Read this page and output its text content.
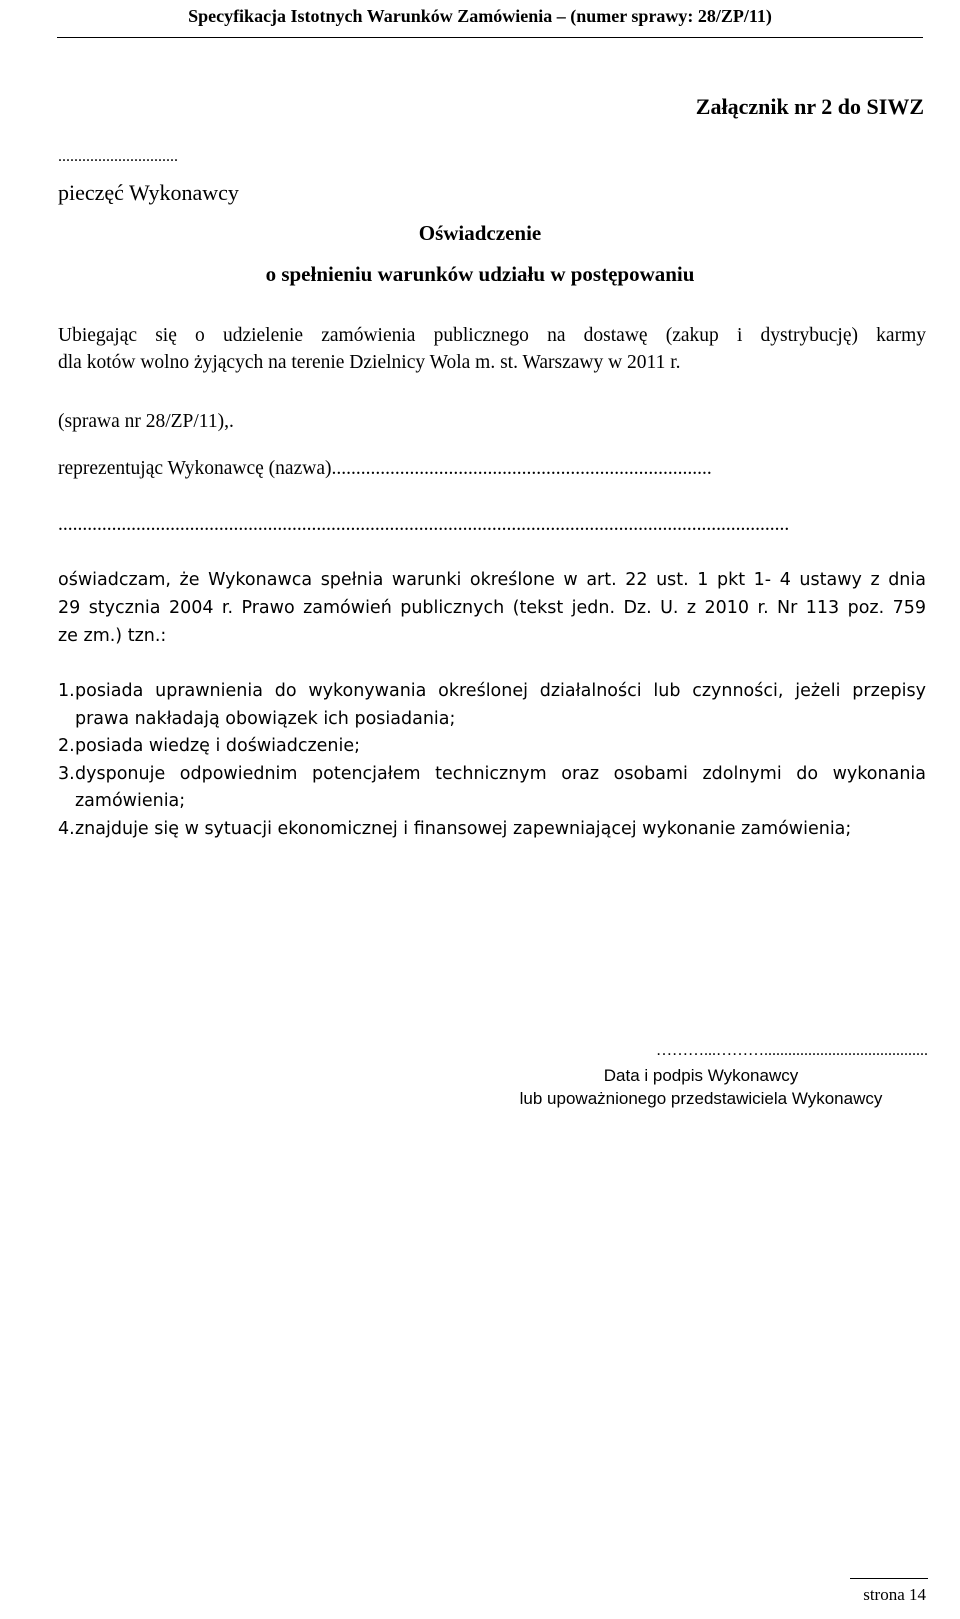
Specyfikacja Istotnych Warunków Zamówienia – (numer sprawy: 28/ZP/11)
Załącznik nr 2 do SIWZ
..............................
pieczęć Wykonawcy
Oświadczenie
o spełnieniu warunków udziału w postępowaniu
Ubiegając się o udzielenie zamówienia publicznego na dostawę (zakup i dystrybucję) karmy
dla kotów wolno żyjących na terenie Dzielnicy Wola m. st. Warszawy w 2011 r.
(sprawa nr 28/ZP/11),.
reprezentując Wykonawcę (nazwa)..............................................................................
......................................................................................................................................................
oświadczam, że Wykonawca spełnia warunki określone w art. 22 ust. 1 pkt 1- 4 ustawy z dnia
29 stycznia 2004 r. Prawo zamówień publicznych (tekst jedn. Dz. U. z 2010 r. Nr 113 poz. 759
ze zm.) tzn.:
1. posiada uprawnienia do wykonywania określonej działalności lub czynności, jeżeli przepisy prawa nakładają obowiązek ich posiadania;
2. posiada wiedzę i doświadczenie;
3. dysponuje odpowiednim potencjałem technicznym oraz osobami zdolnymi do wykonania zamówienia;
4. znajduje się w sytuacji ekonomicznej i finansowej zapewniającej wykonanie zamówienia;
………...……….........................................
Data i podpis Wykonawcy
lub upoważnionego przedstawiciela Wykonawcy
strona 14
